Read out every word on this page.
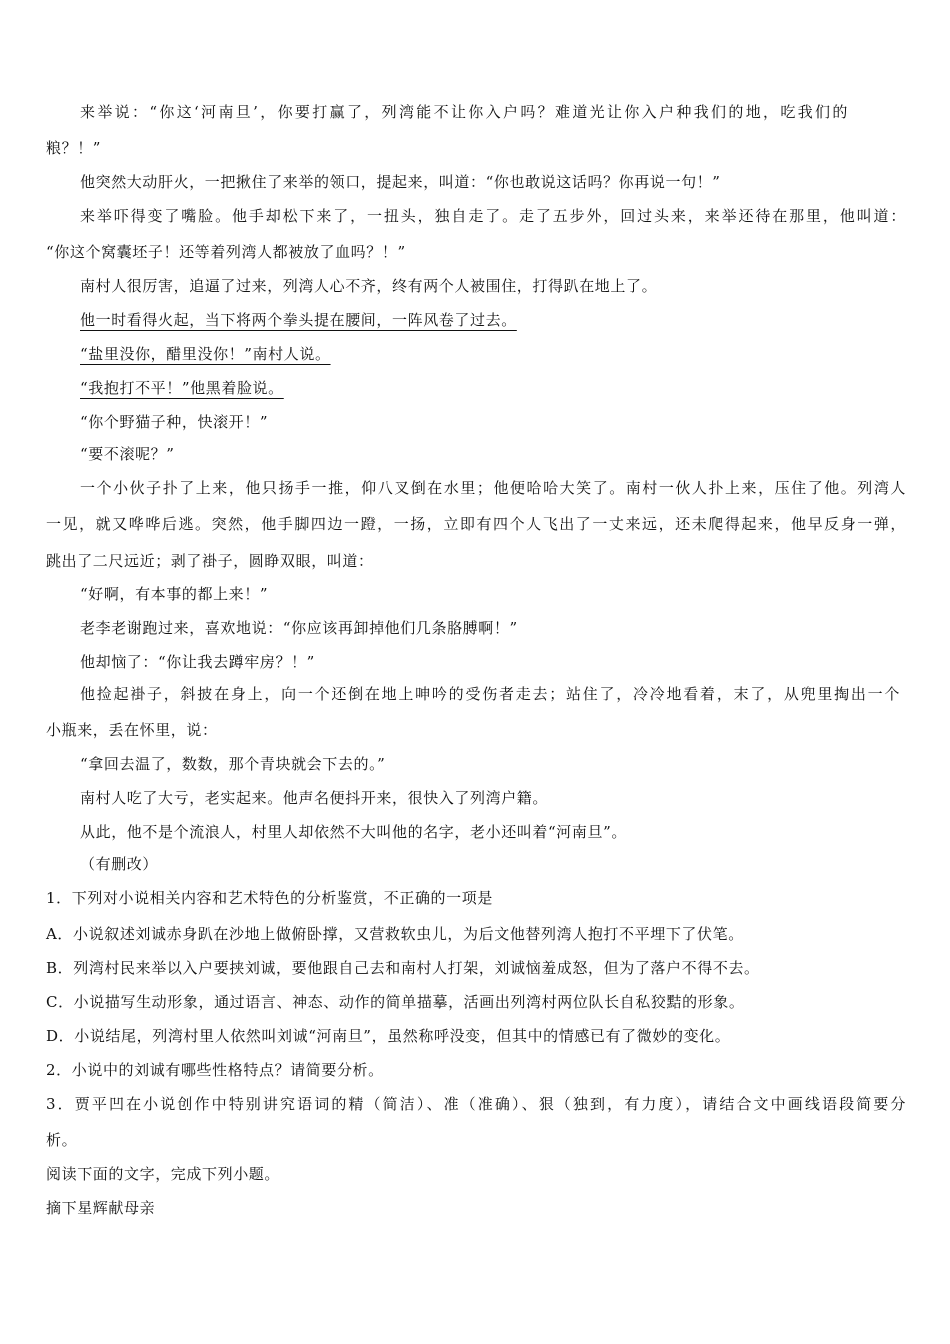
来举说：“你这‘河南旦’，你要打赢了，列湾能不让你入户吗？难道光让你入户种我们的地，吃我们的
粮？！”
他突然大动肝火，一把揪住了来举的领口，提起来，叫道：“你也敢说这话吗？你再说一句！”
来举吓得变了嘴脸。他手却松下来了，一扭头，独自走了。走了五步外，回过头来，来举还待在那里，他叫道：
“你这个窝囊坯子！还等着列湾人都被放了血吗？！”
南村人很厉害，追逼了过来，列湾人心不齐，终有两个人被围住，打得趴在地上了。
他一时看得火起，当下将两个拳头提在腰间，一阵风卷了过去。
“盐里没你，醋里没你！”南村人说。
“我抱打不平！”他黑着脸说。
“你个野猫子种，快滚开！”
“要不滚呢？”
一个小伙子扑了上来，他只扬手一推，仰八叉倒在水里；他便哈哈大笑了。南村一伙人扑上来，压住了他。列湾人
一见，就又哗哗后逃。突然，他手脚四边一蹬，一扬，立即有四个人飞出了一丈来远，还未爬得起来，他早反身一弹，
跳出了二尺远近；剥了褂子，圆睁双眼，叫道：
“好啊，有本事的都上来！”
老李老谢跑过来，喜欢地说：“你应该再卸掉他们几条胳膊啊！”
他却恼了：“你让我去蹲牢房？！”
他捡起褂子，斜披在身上，向一个还倒在地上呻吟的受伤者走去；站住了，冷冷地看着，末了，从兜里掏出一个
小瓶来，丢在怀里，说：
“拿回去温了，数数，那个青块就会下去的。”
南村人吃了大亏，老实起来。他声名便抖开来，很快入了列湾户籍。
从此，他不是个流浪人，村里人却依然不大叫他的名字，老小还叫着“河南旦”。
（有删改）
1．下列对小说相关内容和艺术特色的分析鉴赏，不正确的一项是
A．小说叙述刘诚赤身趴在沙地上做俯卧撑，又营救软虫儿，为后文他替列湾人抱打不平埋下了伏笔。
B．列湾村民来举以入户要挟刘诚，要他跟自己去和南村人打架，刘诚恼羞成怒，但为了落户不得不去。
C．小说描写生动形象，通过语言、神态、动作的简单描摹，活画出列湾村两位队长自私狡黠的形象。
D．小说结尾，列湾村里人依然叫刘诚“河南旦”，虽然称呼没变，但其中的情感已有了微妙的变化。
2．小说中的刘诚有哪些性格特点？请简要分析。
3．贾平凹在小说创作中特别讲究语词的精（简洁）、准（准确）、狠（独到，有力度），请结合文中画线语段简要分
析。
阅读下面的文字，完成下列小题。
摘下星辉献母亲
